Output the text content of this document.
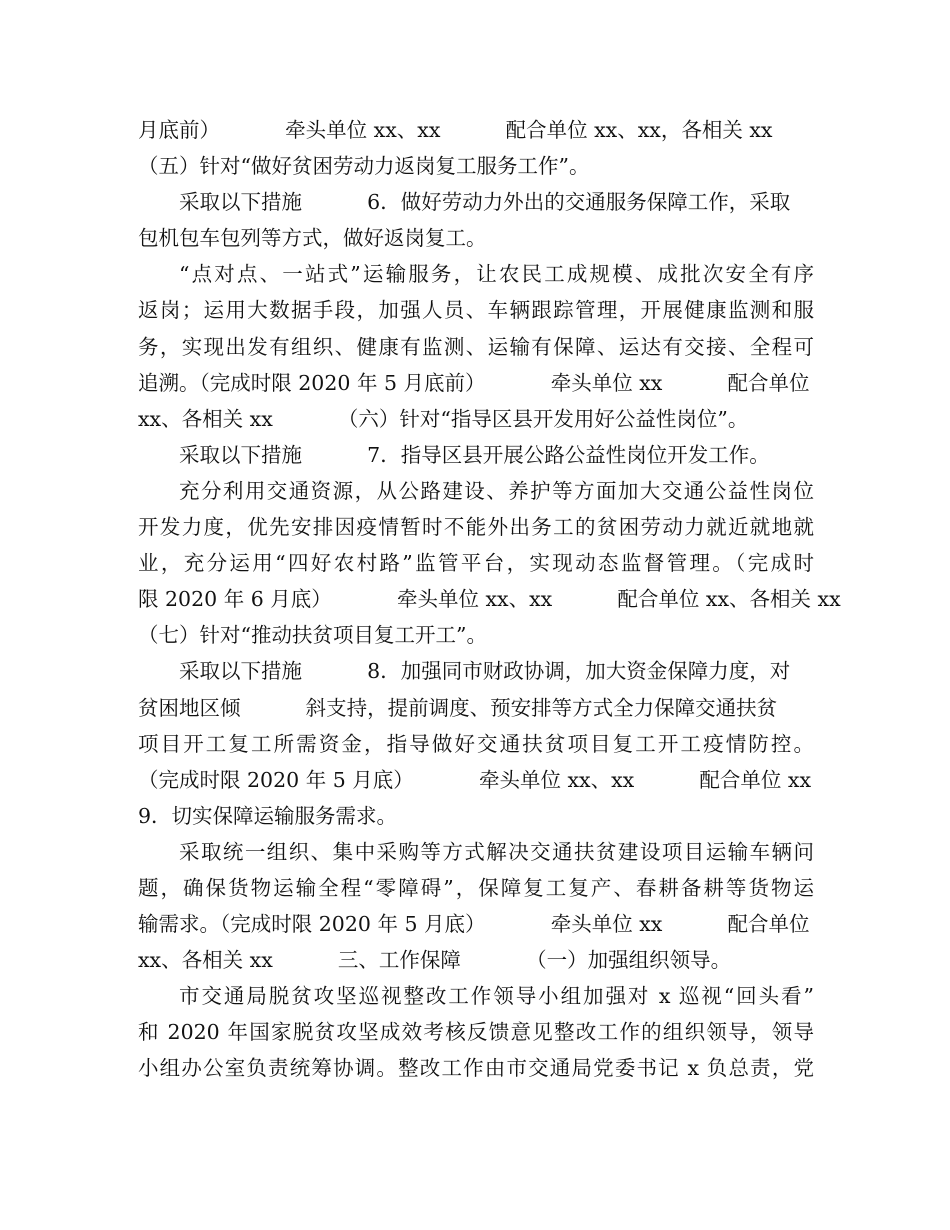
月底前）          牵头单位 xx、xx          配合单位 xx、xx，各相关 xx
（五）针对“做好贫困劳动力返岗复工服务工作”。
采取以下措施          6．做好劳动力外出的交通服务保障工作，采取
包机包车包列等方式，做好返岗复工。
“点对点、一站式”运输服务，让农民工成规模、成批次安全有序
返岗；运用大数据手段，加强人员、车辆跟踪管理，开展健康监测和服
务，实现出发有组织、健康有监测、运输有保障、运达有交接、全程可
追溯。（完成时限 2020 年 5 月底前）          牵头单位 xx          配合单位
xx、各相关 xx          （六）针对“指导区县开发用好公益性岗位”。
采取以下措施          7．指导区县开展公路公益性岗位开发工作。
充分利用交通资源，从公路建设、养护等方面加大交通公益性岗位
开发力度，优先安排因疫情暂时不能外出务工的贫困劳动力就近就地就
业，充分运用“四好农村路”监管平台，实现动态监督管理。（完成时
限 2020 年 6 月底）          牵头单位 xx、xx          配合单位 xx、各相关 xx
（七）针对“推动扶贫项目复工开工”。
采取以下措施          8．加强同市财政协调，加大资金保障力度，对
贫困地区倾          斜支持，提前调度、预安排等方式全力保障交通扶贫
项目开工复工所需资金，指导做好交通扶贫项目复工开工疫情防控。
（完成时限 2020 年 5 月底）          牵头单位 xx、xx          配合单位 xx
9．切实保障运输服务需求。
采取统一组织、集中采购等方式解决交通扶贫建设项目运输车辆问
题，确保货物运输全程“零障碍”，保障复工复产、春耕备耕等货物运
输需求。（完成时限 2020 年 5 月底）          牵头单位 xx          配合单位
xx、各相关 xx          三、工作保障          （一）加强组织领导。
市交通局脱贫攻坚巡视整改工作领导小组加强对 x 巡视“回头看”
和 2020 年国家脱贫攻坚成效考核反馈意见整改工作的组织领导，领导
小组办公室负责统筹协调。整改工作由市交通局党委书记 x 负总责，党
